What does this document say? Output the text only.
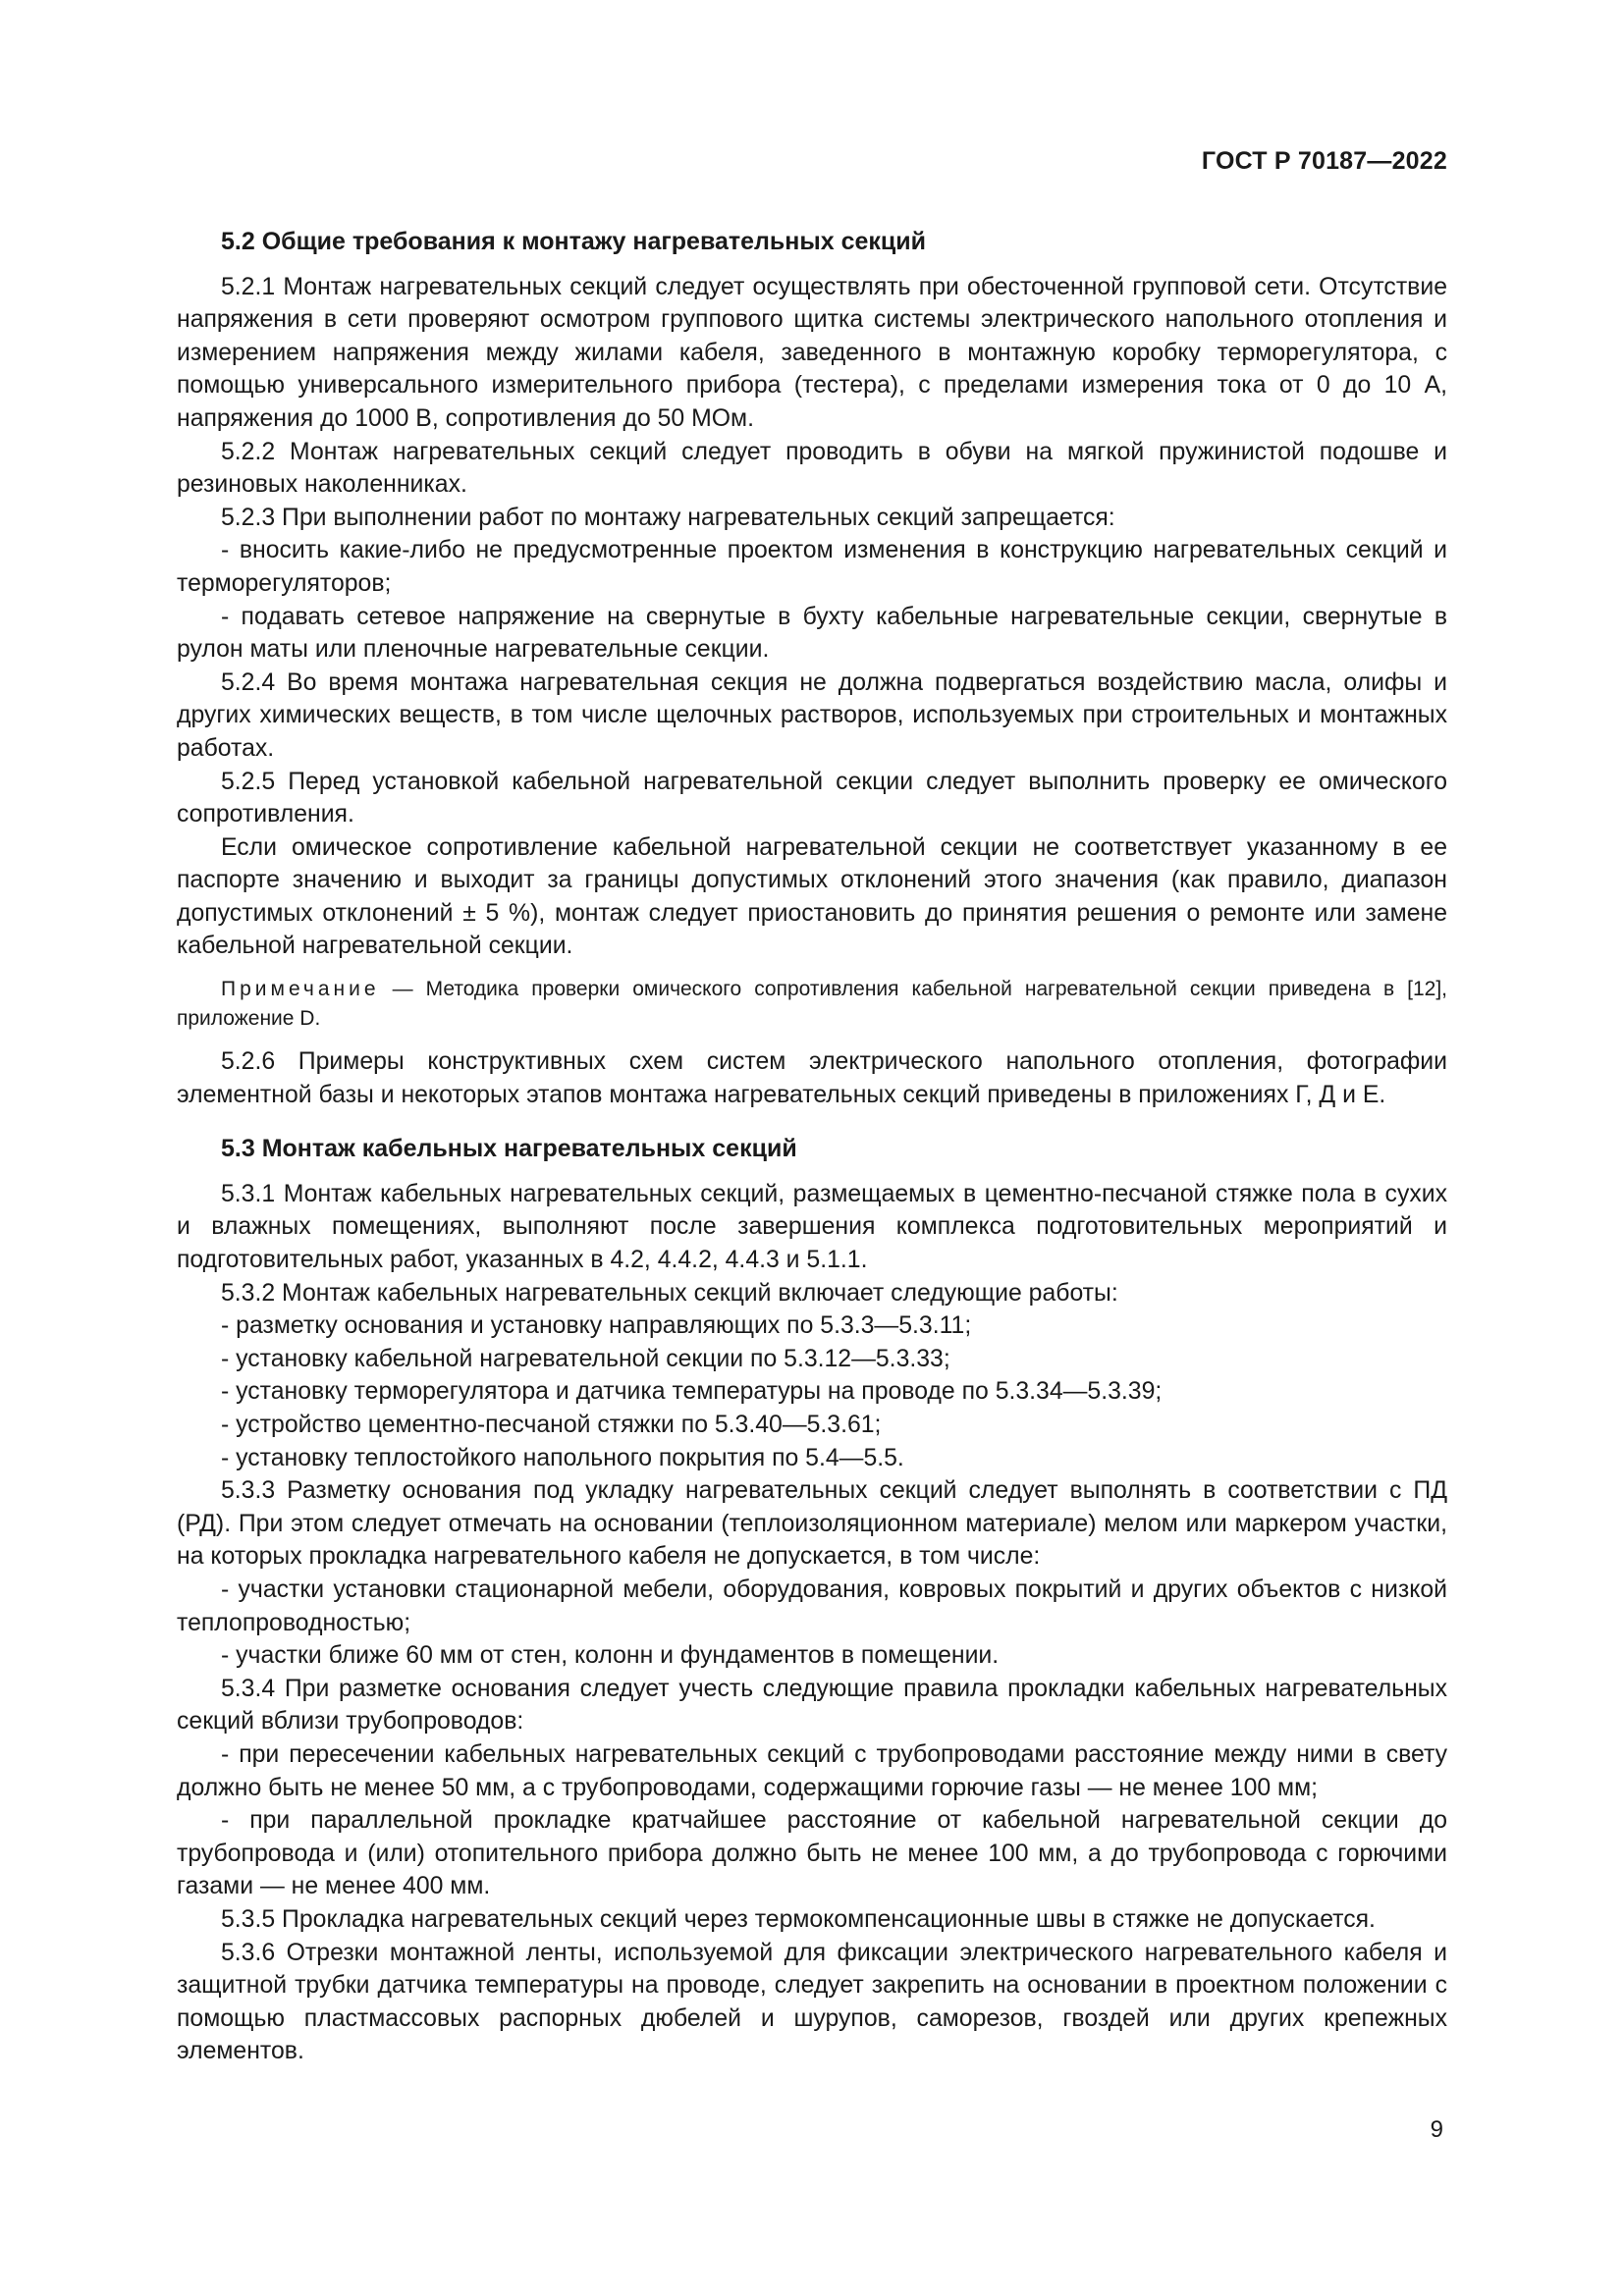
ГОСТ Р 70187—2022
5.2 Общие требования к монтажу нагревательных секций

5.2.1 Монтаж нагревательных секций следует осуществлять при обесточенной групповой сети. Отсутствие напряжения в сети проверяют осмотром группового щитка системы электрического напольного отопления и измерением напряжения между жилами кабеля, заведенного в монтажную коробку терморегулятора, с помощью универсального измерительного прибора (тестера), с пределами измерения тока от 0 до 10 А, напряжения до 1000 В, сопротивления до 50 МОм.

5.2.2 Монтаж нагревательных секций следует проводить в обуви на мягкой пружинистой подошве и резиновых наколенниках.

5.2.3 При выполнении работ по монтажу нагревательных секций запрещается:

- вносить какие-либо не предусмотренные проектом изменения в конструкцию нагревательных секций и терморегуляторов;

- подавать сетевое напряжение на свернутые в бухту кабельные нагревательные секции, свернутые в рулон маты или пленочные нагревательные секции.

5.2.4 Во время монтажа нагревательная секция не должна подвергаться воздействию масла, олифы и других химических веществ, в том числе щелочных растворов, используемых при строительных и монтажных работах.

5.2.5 Перед установкой кабельной нагревательной секции следует выполнить проверку ее омического сопротивления.

Если омическое сопротивление кабельной нагревательной секции не соответствует указанному в ее паспорте значению и выходит за границы допустимых отклонений этого значения (как правило, диапазон допустимых отклонений ± 5 %), монтаж следует приостановить до принятия решения о ремонте или замене кабельной нагревательной секции.

Примечание — Методика проверки омического сопротивления кабельной нагревательной секции приведена в [12], приложение D.

5.2.6 Примеры конструктивных схем систем электрического напольного отопления, фотографии элементной базы и некоторых этапов монтажа нагревательных секций приведены в приложениях Г, Д и Е.

5.3 Монтаж кабельных нагревательных секций

5.3.1 Монтаж кабельных нагревательных секций, размещаемых в цементно-песчаной стяжке пола в сухих и влажных помещениях, выполняют после завершения комплекса подготовительных мероприятий и подготовительных работ, указанных в 4.2, 4.4.2, 4.4.3 и 5.1.1.

5.3.2 Монтаж кабельных нагревательных секций включает следующие работы:

- разметку основания и установку направляющих по 5.3.3—5.3.11;

- установку кабельной нагревательной секции по 5.3.12—5.3.33;

- установку терморегулятора и датчика температуры на проводе по 5.3.34—5.3.39;

- устройство цементно-песчаной стяжки по 5.3.40—5.3.61;

- установку теплостойкого напольного покрытия по 5.4—5.5.

5.3.3 Разметку основания под укладку нагревательных секций следует выполнять в соответствии с ПД (РД). При этом следует отмечать на основании (теплоизоляционном материале) мелом или маркером участки, на которых прокладка нагревательного кабеля не допускается, в том числе:

- участки установки стационарной мебели, оборудования, ковровых покрытий и других объектов с низкой теплопроводностью;

- участки ближе 60 мм от стен, колонн и фундаментов в помещении.

5.3.4 При разметке основания следует учесть следующие правила прокладки кабельных нагревательных секций вблизи трубопроводов:

- при пересечении кабельных нагревательных секций с трубопроводами расстояние между ними в свету должно быть не менее 50 мм, а с трубопроводами, содержащими горючие газы — не менее 100 мм;

- при параллельной прокладке кратчайшее расстояние от кабельной нагревательной секции до трубопровода и (или) отопительного прибора должно быть не менее 100 мм, а до трубопровода с горючими газами — не менее 400 мм.

5.3.5 Прокладка нагревательных секций через термокомпенсационные швы в стяжке не допускается.

5.3.6 Отрезки монтажной ленты, используемой для фиксации электрического нагревательного кабеля и защитной трубки датчика температуры на проводе, следует закрепить на основании в проектном положении с помощью пластмассовых распорных дюбелей и шурупов, саморезов, гвоздей или других крепежных элементов.

9
